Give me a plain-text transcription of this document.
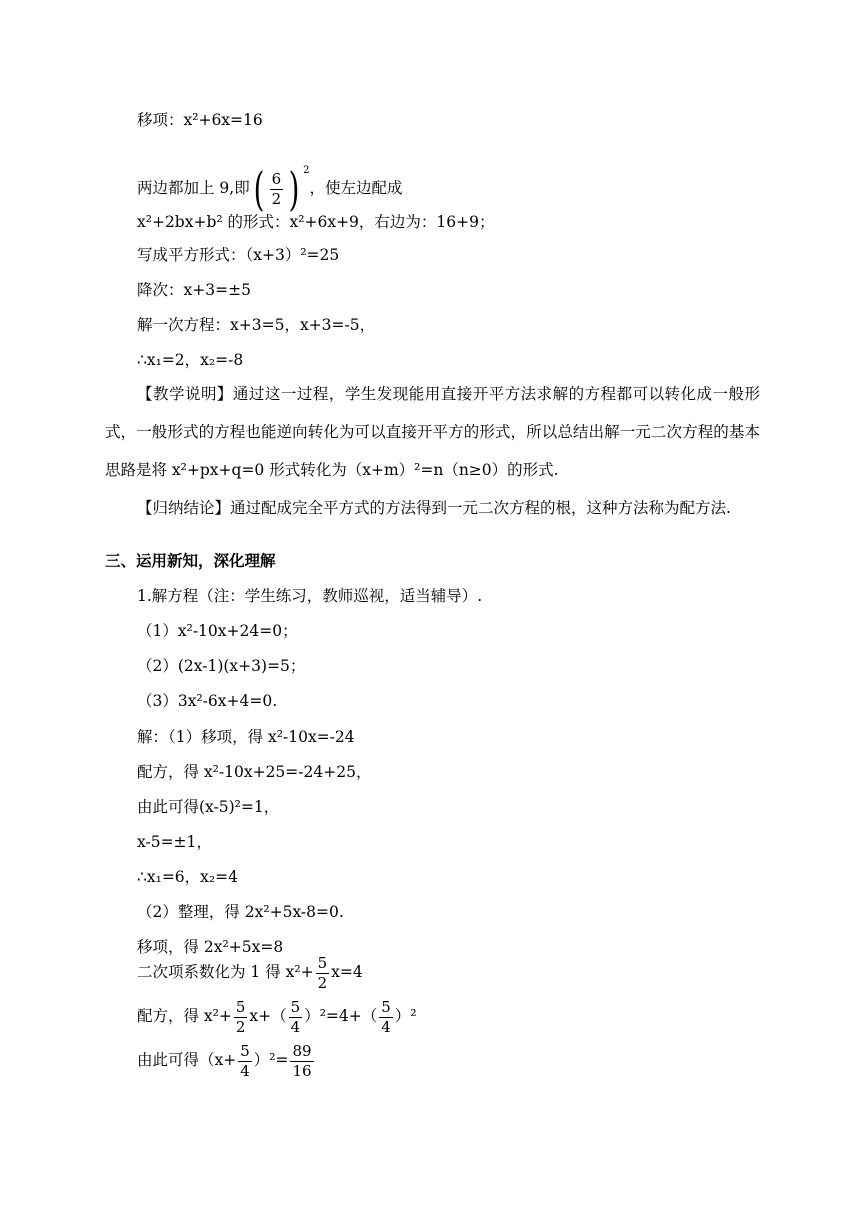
移项：x²+6x=16
两边都加上 9,即( $\frac{6}{2}$ ) $^2$，使左边配成
x²+2bx+b² 的形式：x²+6x+9，右边为：16+9；
写成平方形式：（x+3）²=25
降次：x+3=±5
解一次方程：x+3=5，x+3=-5，
∴x₁=2，x₂=-8
【教学说明】通过这一过程，学生发现能用直接开平方法求解的方程都可以转化成一般形式，一般形式的方程也能逆向转化为可以直接开平方的形式，所以总结出解一元二次方程的基本思路是将 x²+px+q=0 形式转化为（x+m）²=n（n≥0）的形式.
【归纳结论】通过配成完全平方式的方法得到一元二次方程的根，这种方法称为配方法.
三、运用新知，深化理解
1.解方程（注：学生练习，教师巡视，适当辅导）.
（1）x²-10x+24=0；
（2）(2x-1)(x+3)=5；
（3）3x²-6x+4=0.
解：（1）移项，得 x²-10x=-24
配方，得 x²-10x+25=-24+25，
由此可得(x-5)²=1，
x-5=±1，
∴x₁=6，x₂=4
（2）整理，得 2x²+5x-8=0.
移项，得 2x²+5x=8
二次项系数化为 1 得 $x^2+ \frac{5}{2} x=4$
配方，得 $x^2+ \frac{5}{2} x+( \frac{5}{4} )^2=4+( \frac{5}{4} )^2$
由此可得$(x+ \frac{5}{4} )^2= \frac{89}{16}$
